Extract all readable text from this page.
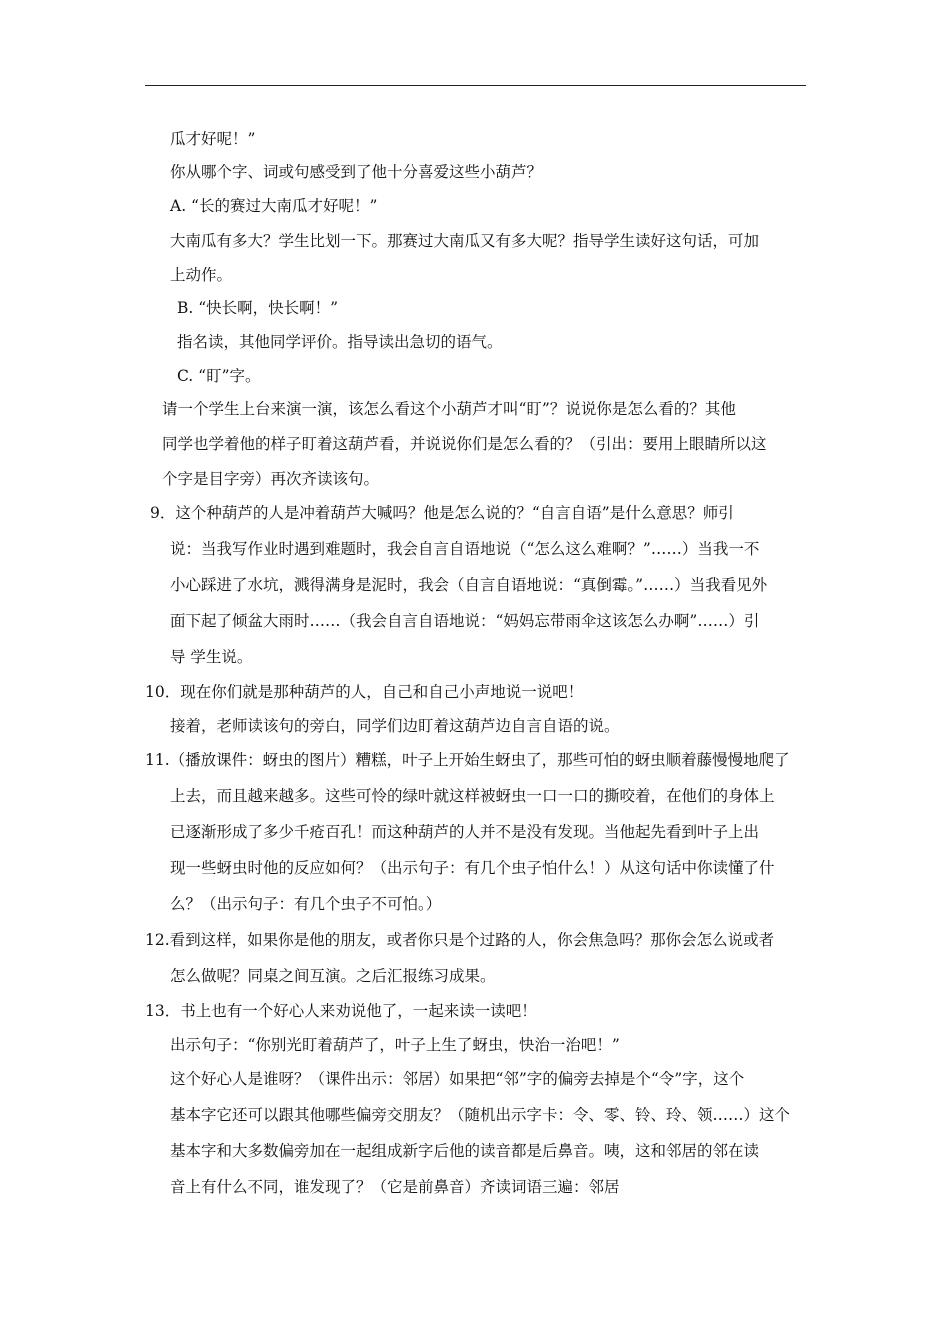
瓜才好呢！”
你从哪个字、词或句感受到了他十分喜爱这些小葫芦？
A. “长的赛过大南瓜才好呢！”
大南瓜有多大？学生比划一下。那赛过大南瓜又有多大呢？指导学生读好这句话，可加
上动作。
B. “快长啊，快长啊！”
指名读，其他同学评价。指导读出急切的语气。
C. “盯”字。
请一个学生上台来演一演，该怎么看这个小葫芦才叫“盯”？说说你是怎么看的？其他
同学也学着他的样子盯着这葫芦看，并说说你们是怎么看的？（引出：要用上眼睛所以这
个字是目字旁）再次齐读该句。
9．这个种葫芦的人是冲着葫芦大喊吗？他是怎么说的？“自言自语”是什么意思？师引
说：当我写作业时遇到难题时，我会自言自语地说（“怎么这么难啊？”……）当我一不
小心踩进了水坑，溅得满身是泥时，我会（自言自语地说：“真倒霉。”……）当我看见外
面下起了倾盆大雨时……（我会自言自语地说：“妈妈忘带雨伞这该怎么办啊”……）引
导 学生说。
10．现在你们就是那种葫芦的人，自己和自己小声地说一说吧！
接着，老师读该句的旁白，同学们边盯着这葫芦边自言自语的说。
11.（播放课件：蚜虫的图片）糟糕，叶子上开始生蚜虫了，那些可怕的蚜虫顺着藤慢慢地爬了
上去，而且越来越多。这些可怜的绿叶就这样被蚜虫一口一口的撕咬着，在他们的身体上
已逐渐形成了多少千疮百孔！而这种葫芦的人并不是没有发现。当他起先看到叶子上出
现一些蚜虫时他的反应如何？（出示句子：有几个虫子怕什么！）从这句话中你读懂了什
么？（出示句子：有几个虫子不可怕。）
12.看到这样，如果你是他的朋友，或者你只是个过路的人，你会焦急吗？那你会怎么说或者
怎么做呢？同桌之间互演。之后汇报练习成果。
13．书上也有一个好心人来劝说他了，一起来读一读吧！
出示句子：“你别光盯着葫芦了，叶子上生了蚜虫，快治一治吧！”
这个好心人是谁呀？（课件出示：邻居）如果把“邻”字的偏旁去掉是个“令”字，这个
基本字它还可以跟其他哪些偏旁交朋友？（随机出示字卡：令、零、铃、玲、领……）这个
基本字和大多数偏旁加在一起组成新字后他的读音都是后鼻音。咦，这和邻居的邻在读
音上有什么不同，谁发现了？（它是前鼻音）齐读词语三遍：邻居
